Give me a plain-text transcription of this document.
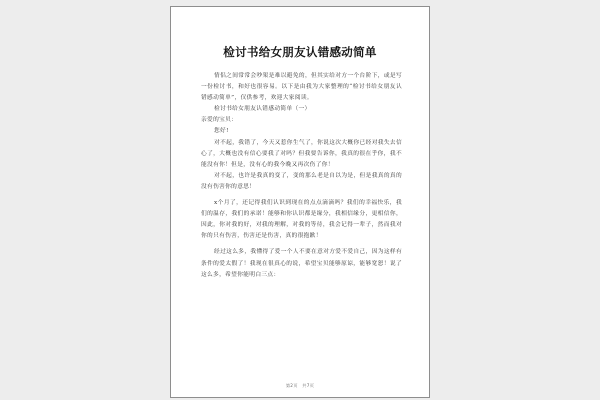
检讨书给女朋友认错感动简单

情侣之间常常会吵架是难以避免的，但其实给对方一个台阶下，或是写一份检讨书，和好也很容易。以下是由我为大家整理的“检讨书给女朋友认错感动简单”，仅供参考，欢迎大家阅读。

检讨书给女朋友认错感动简单（一）

亲爱的宝贝：

您好!

对不起，我错了，今天又惹你生气了，你说这次大概你已经对我失去信心了，大概也没有信心要我了对吗？但我要告诉你，我真的很在乎你，我不能没有你！但是，没有心的我今晚又再次伤了你！

对不起，也许是我真的变了，变的那么老是自以为是，但是我真的真的没有伤害你的意思！

x个月了，还记得我们认识到现在的点点滴滴吗？我们的幸福快乐，我们的温存，我们的承诺！能够和你认识都是缘分，我相信缘分，更相信你，因此，你对我的好，对我的理解，对我的等待，我会记得一辈子，然而我对你的只有伤害，伤害还是伤害，真的很抱歉！

经过这么多，我懂得了爱一个人不要在意对方爱不爱自己，因为这样有条件的爱太假了！我现在很真心的说，希望宝贝能够原谅，能够宽恕！说了这么多，希望你能明白三点：

第2页　共7页
